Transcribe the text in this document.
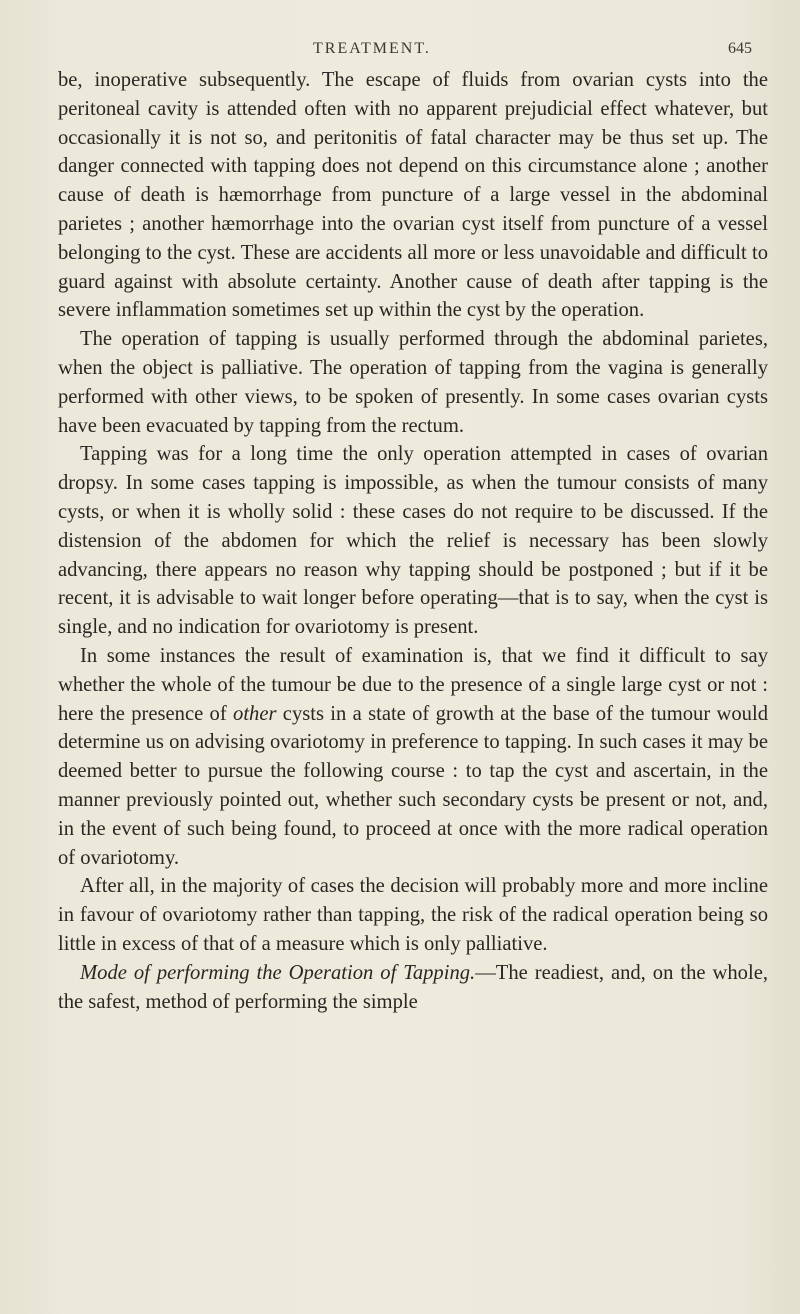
TREATMENT.	645

be, inoperative subsequently. The escape of fluids from ovarian cysts into the peritoneal cavity is attended often with no apparent prejudicial effect whatever, but occasionally it is not so, and peritonitis of fatal character may be thus set up. The danger connected with tapping does not depend on this circumstance alone ; another cause of death is hæmorrhage from puncture of a large vessel in the abdominal parietes ; another hæmorrhage into the ovarian cyst itself from puncture of a vessel belonging to the cyst. These are accidents all more or less unavoidable and difficult to guard against with absolute certainty. Another cause of death after tapping is the severe inflammation sometimes set up within the cyst by the operation.

The operation of tapping is usually performed through the abdominal parietes, when the object is palliative. The operation of tapping from the vagina is generally performed with other views, to be spoken of presently. In some cases ovarian cysts have been evacuated by tapping from the rectum.

Tapping was for a long time the only operation attempted in cases of ovarian dropsy. In some cases tapping is impossible, as when the tumour consists of many cysts, or when it is wholly solid : these cases do not require to be discussed. If the distension of the abdomen for which the relief is necessary has been slowly advancing, there appears no reason why tapping should be postponed ; but if it be recent, it is advisable to wait longer before operating—that is to say, when the cyst is single, and no indication for ovariotomy is present.

In some instances the result of examination is, that we find it difficult to say whether the whole of the tumour be due to the presence of a single large cyst or not : here the presence of other cysts in a state of growth at the base of the tumour would determine us on advising ovariotomy in preference to tapping. In such cases it may be deemed better to pursue the following course : to tap the cyst and ascertain, in the manner previously pointed out, whether such secondary cysts be present or not, and, in the event of such being found, to proceed at once with the more radical operation of ovariotomy.

After all, in the majority of cases the decision will probably more and more incline in favour of ovariotomy rather than tapping, the risk of the radical operation being so little in excess of that of a measure which is only palliative.

Mode of performing the Operation of Tapping.—The readiest, and, on the whole, the safest, method of performing the simple
